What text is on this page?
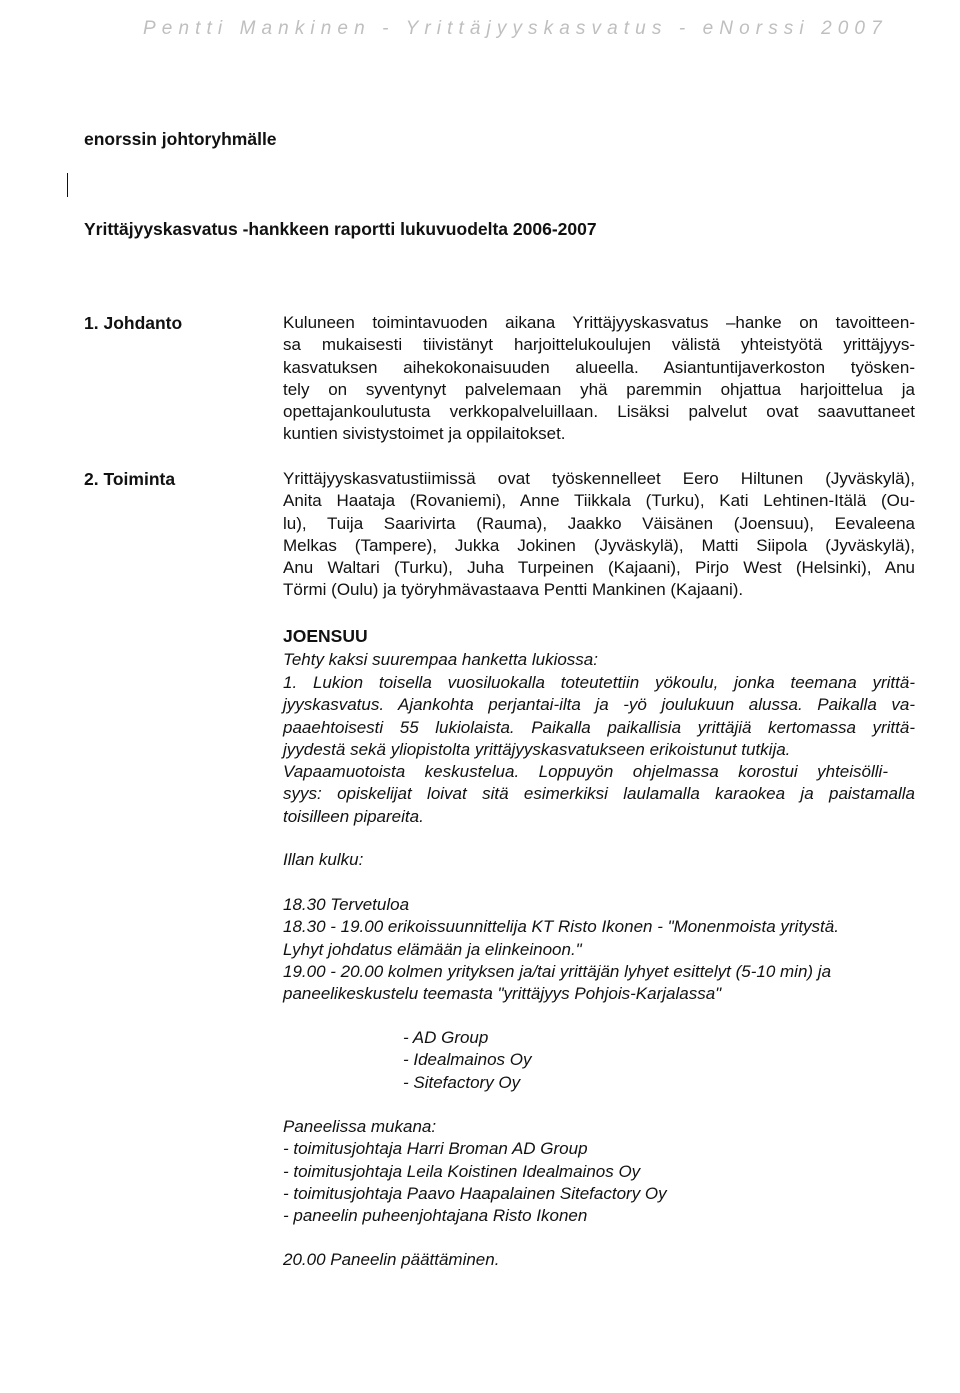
Pentti Mankinen - Yrittäjyyskasvatus - eNorssi 2007
enorssin johtoryhmälle
Yrittäjyyskasvatus -hankkeen raportti lukuvuodelta 2006-2007
1. Johdanto	Kuluneen toimintavuoden aikana Yrittäjyyskasvatus –hanke on tavoitteen-
sa mukaisesti tiivistänyt harjoittelukoulujen välistä yhteistyötä yrittäjyys-
kasvatuksen aihekokonaisuuden alueella. Asiantuntijaverkoston työsken-
tely on syventynyt palvelemaan yhä paremmin ohjattua harjoittelua ja
opettajankoulutusta verkkopalveluillaan. Lisäksi palvelut ovat saavuttaneet
kuntien sivistystoimet ja oppilaitokset.
2. Toiminta	Yrittäjyyskasvatustiimissä ovat työskennelleet Eero Hiltunen (Jyväskylä),
Anita Haataja (Rovaniemi), Anne Tiikkala (Turku), Kati Lehtinen-Itälä (Ou-
lu), Tuija Saarivirta (Rauma), Jaakko Väisänen (Joensuu), Eevaleena
Melkas (Tampere), Jukka Jokinen (Jyväskylä), Matti Siipola (Jyväskylä),
Anu Waltari (Turku), Juha Turpeinen (Kajaani), Pirjo West (Helsinki), Anu
Törmi (Oulu) ja työryhmävastaava Pentti Mankinen (Kajaani).
JOENSUU
Tehty kaksi suurempaa hanketta lukiossa:
1. Lukion toisella vuosiluokalla toteutettiin yökoulu, jonka teemana yrittä-
jyyskasvatus. Ajankohta perjantai-ilta ja -yö joulukuun alussa. Paikalla va-
paaehtoisesti 55 lukiolaista. Paikalla paikallisia yrittäjiä kertomassa yrittä-
jyydestä sekä yliopistolta yrittäjyyskasvatukseen erikoistunut tutkija.
Vapaamuotoista keskustelua. Loppuyön ohjelmassa korostui yhteisölli-
syys: opiskelijat loivat sitä esimerkiksi laulamalla karaokea ja paistamalla
toisilleen pipareita.
Illan kulku:
18.30 Tervetuloa
18.30 - 19.00 erikoissuunnittelija KT Risto Ikonen - "Monenmoista yritystä.
Lyhyt johdatus elämään ja elinkeinoon."
19.00 - 20.00 kolmen yrityksen ja/tai yrittäjän lyhyet esittelyt (5-10 min) ja
paneelikeskustelu teemasta "yrittäjyys Pohjois-Karjalassa"
- AD Group
- Idealmainos Oy
- Sitefactory Oy
Paneelissa mukana:
- toimitusjohtaja Harri Broman AD Group
- toimitusjohtaja Leila Koistinen Idealmainos Oy
- toimitusjohtaja Paavo Haapalainen Sitefactory Oy
- paneelin puheenjohtajana Risto Ikonen
20.00 Paneelin päättäminen.
